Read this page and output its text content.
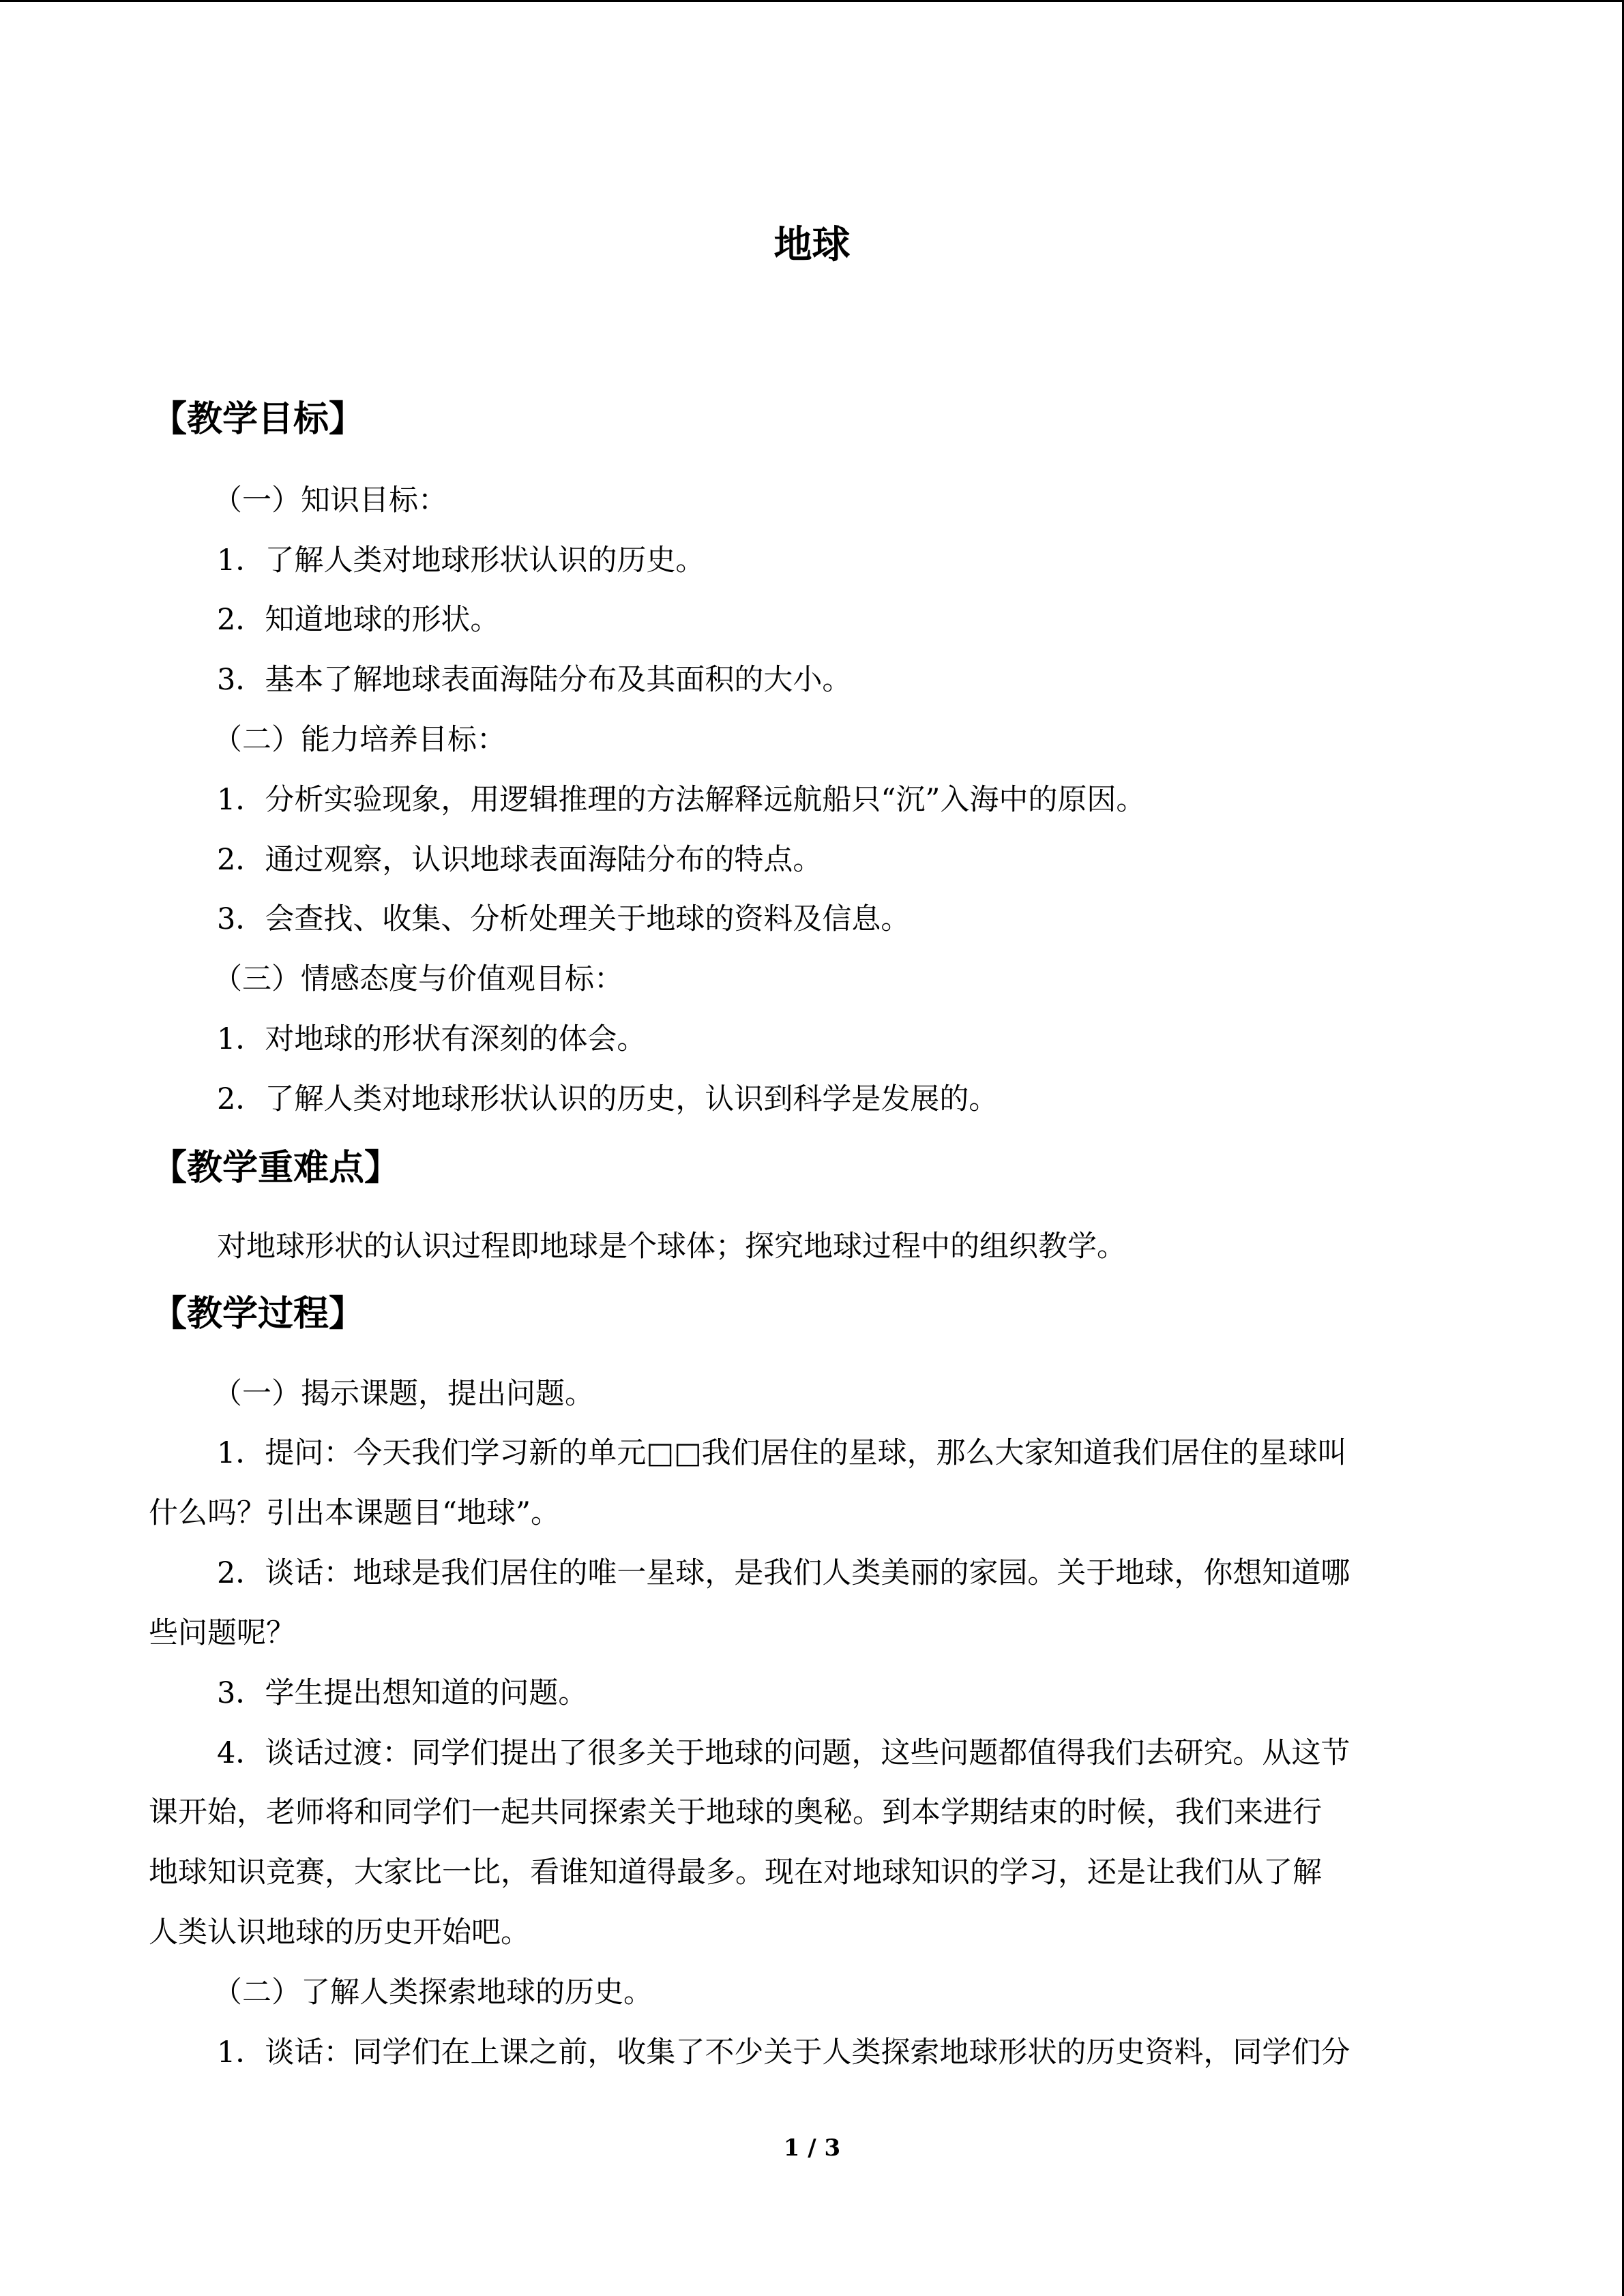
地球
【教学目标】
（一）知识目标：
1．了解人类对地球形状认识的历史。
2．知道地球的形状。
3．基本了解地球表面海陆分布及其面积的大小。
（二）能力培养目标：
1．分析实验现象，用逻辑推理的方法解释远航船只“沉”入海中的原因。
2．通过观察，认识地球表面海陆分布的特点。
3．会查找、收集、分析处理关于地球的资料及信息。
（三）情感态度与价值观目标：
1．对地球的形状有深刻的体会。
2．了解人类对地球形状认识的历史，认识到科学是发展的。
【教学重难点】
对地球形状的认识过程即地球是个球体；探究地球过程中的组织教学。
【教学过程】
（一）揭示课题，提出问题。
1．提问：今天我们学习新的单元□□我们居住的星球，那么大家知道我们居住的星球叫
什么吗？引出本课题目“地球”。
2．谈话：地球是我们居住的唯一星球，是我们人类美丽的家园。关于地球，你想知道哪
些问题呢？
3．学生提出想知道的问题。
4．谈话过渡：同学们提出了很多关于地球的问题，这些问题都值得我们去研究。从这节
课开始，老师将和同学们一起共同探索关于地球的奥秘。到本学期结束的时候，我们来进行
地球知识竞赛，大家比一比，看谁知道得最多。现在对地球知识的学习，还是让我们从了解
人类认识地球的历史开始吧。
（二）了解人类探索地球的历史。
1．谈话：同学们在上课之前，收集了不少关于人类探索地球形状的历史资料，同学们分
1 / 3
